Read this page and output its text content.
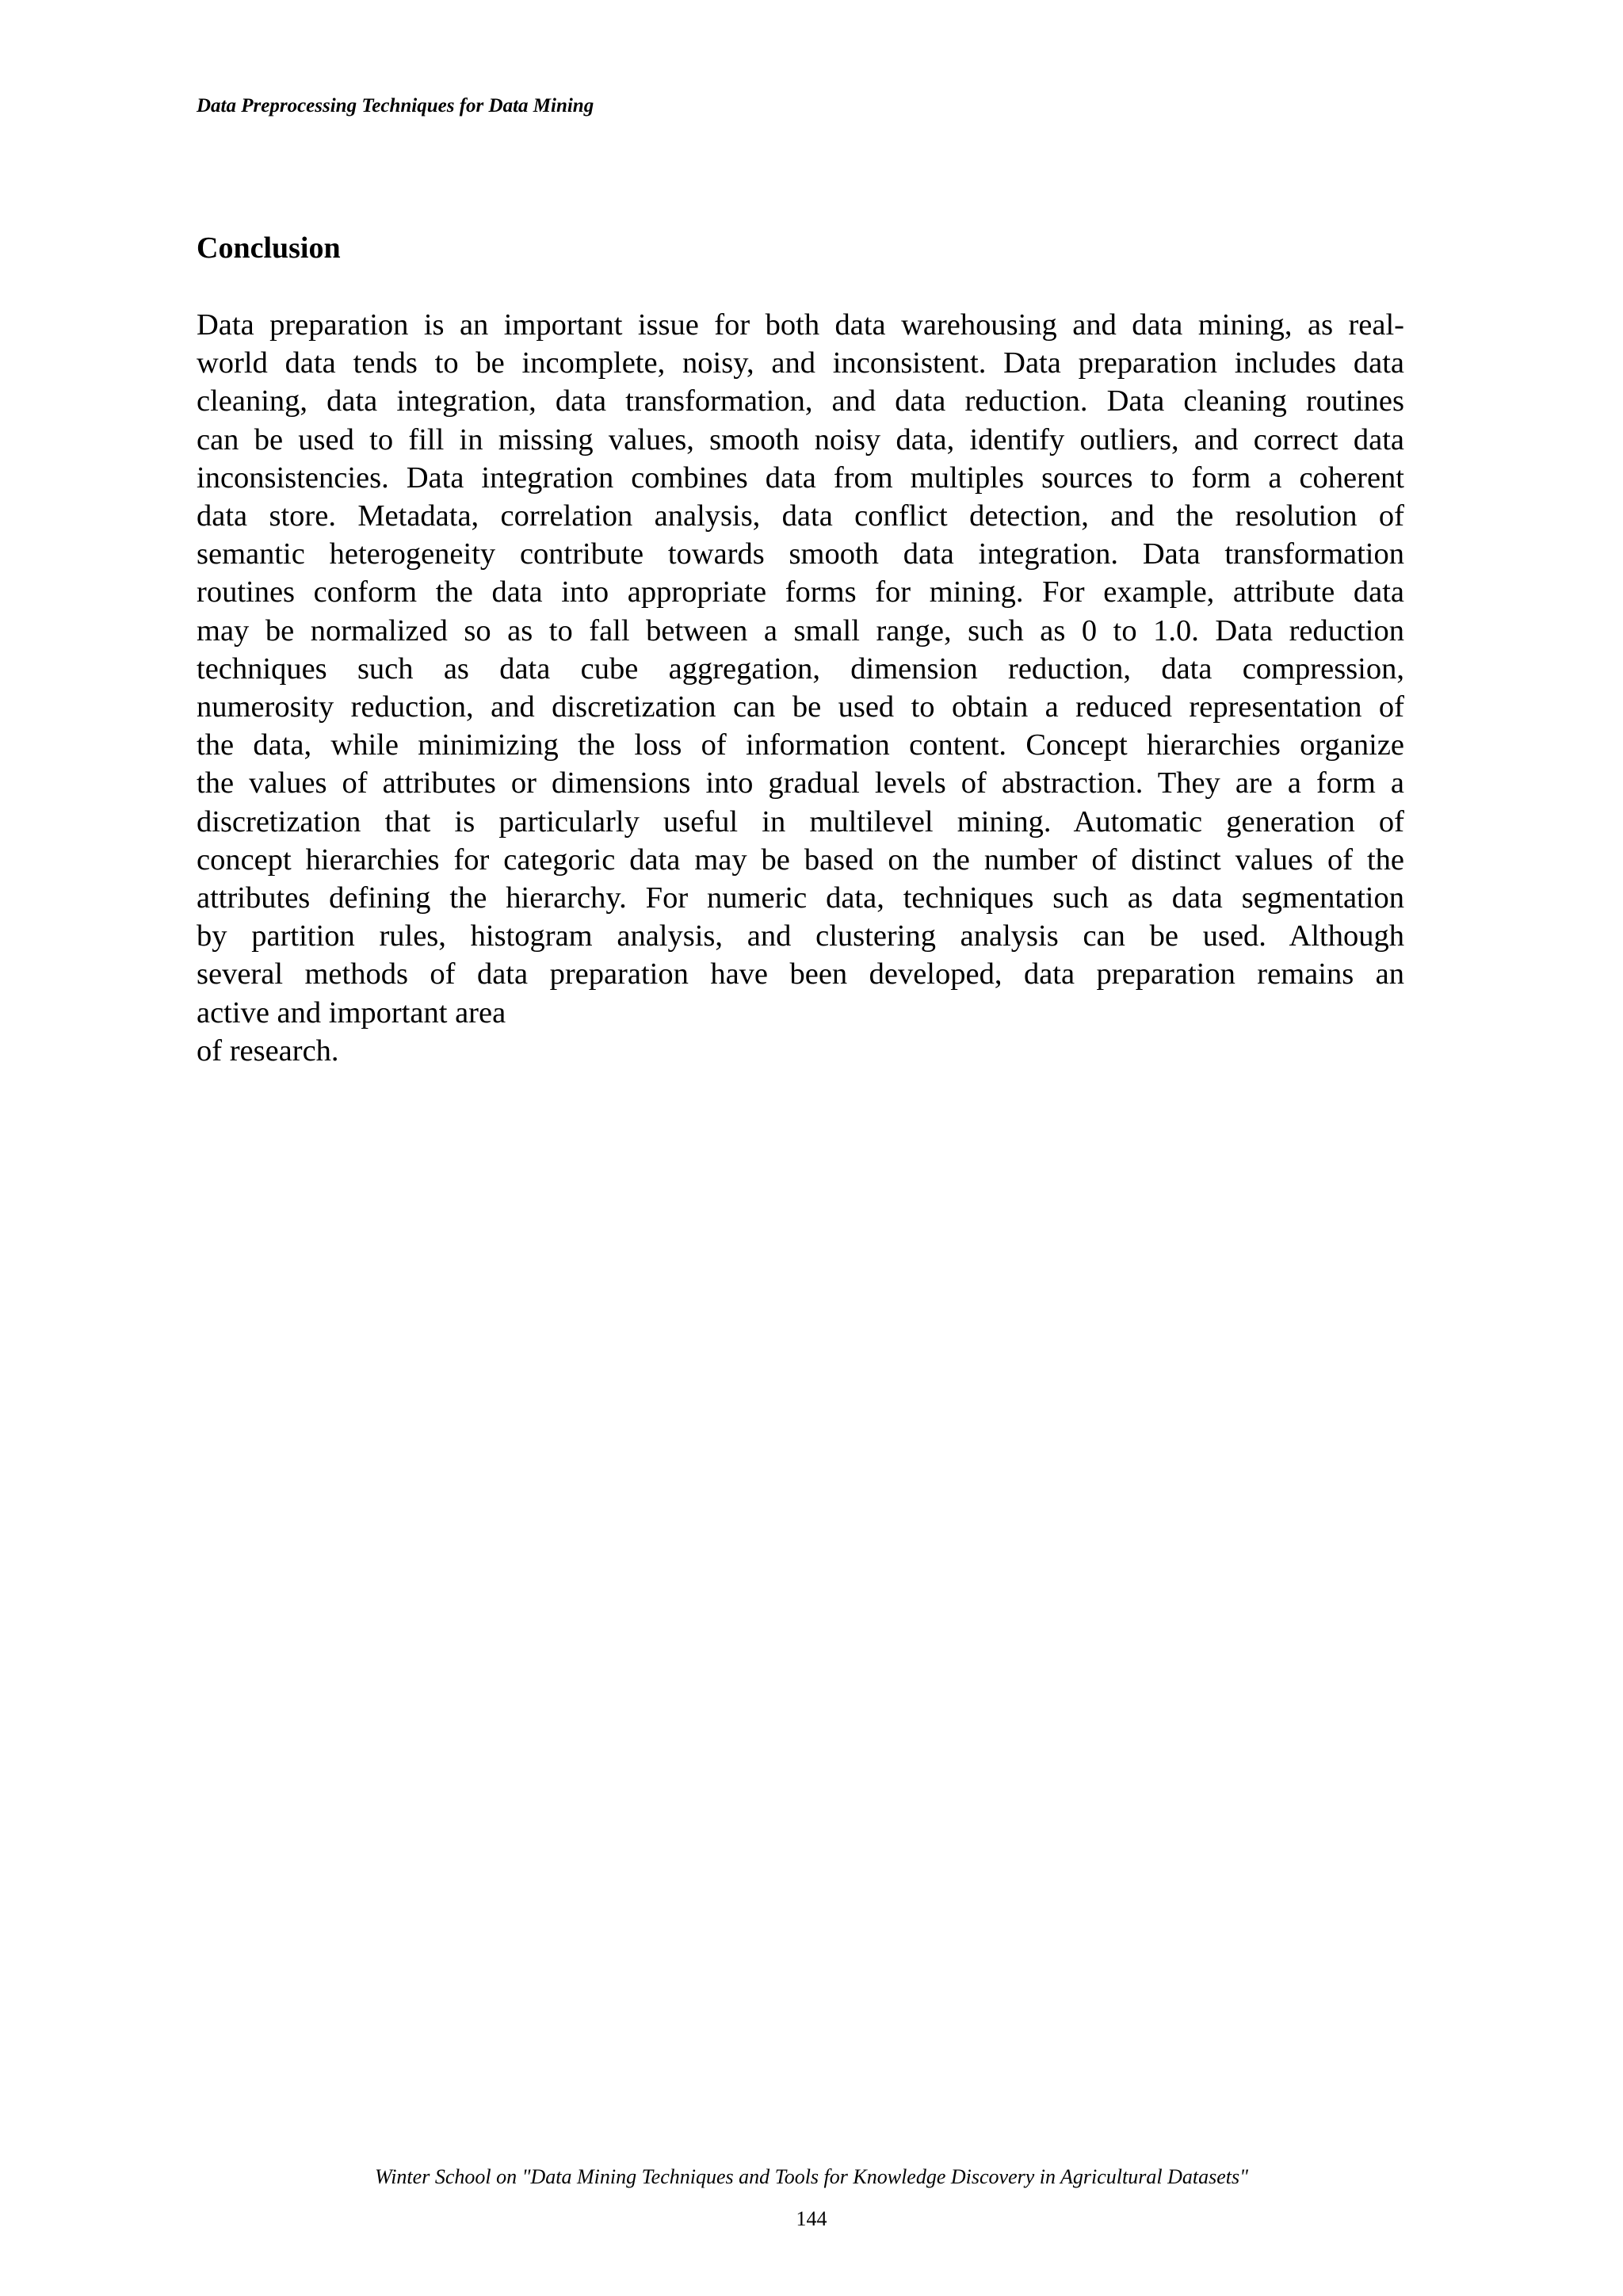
Data Preprocessing Techniques for Data Mining
Conclusion
Data preparation is an important issue for both data warehousing and data mining, as real-
world data tends to be incomplete, noisy, and inconsistent. Data preparation includes data
cleaning, data integration, data transformation, and data reduction. Data cleaning routines
can be used to fill in missing values, smooth noisy data, identify outliers, and correct data
inconsistencies. Data integration combines data from multiples sources to form a coherent
data store. Metadata, correlation analysis, data conflict detection, and the resolution of
semantic heterogeneity contribute towards smooth data integration. Data transformation
routines conform the data into appropriate forms for mining. For example, attribute data
may be normalized so as to fall between a small range, such as 0 to 1.0. Data reduction
techniques such as data cube aggregation, dimension reduction, data compression,
numerosity reduction, and discretization can be used to obtain a reduced representation of
the data, while minimizing the loss of information content. Concept hierarchies organize
the values of attributes or dimensions into gradual levels of abstraction. They are a form a
discretization that is particularly useful in multilevel mining. Automatic generation of
concept hierarchies for categoric data may be based on the number of distinct values of the
attributes defining the hierarchy. For numeric data, techniques such as data segmentation
by partition rules, histogram analysis, and clustering analysis can be used. Although
several methods of data preparation have been developed, data preparation remains an
active and important area
of research.
Winter School on "Data Mining Techniques and Tools for Knowledge Discovery in Agricultural Datasets"
144
